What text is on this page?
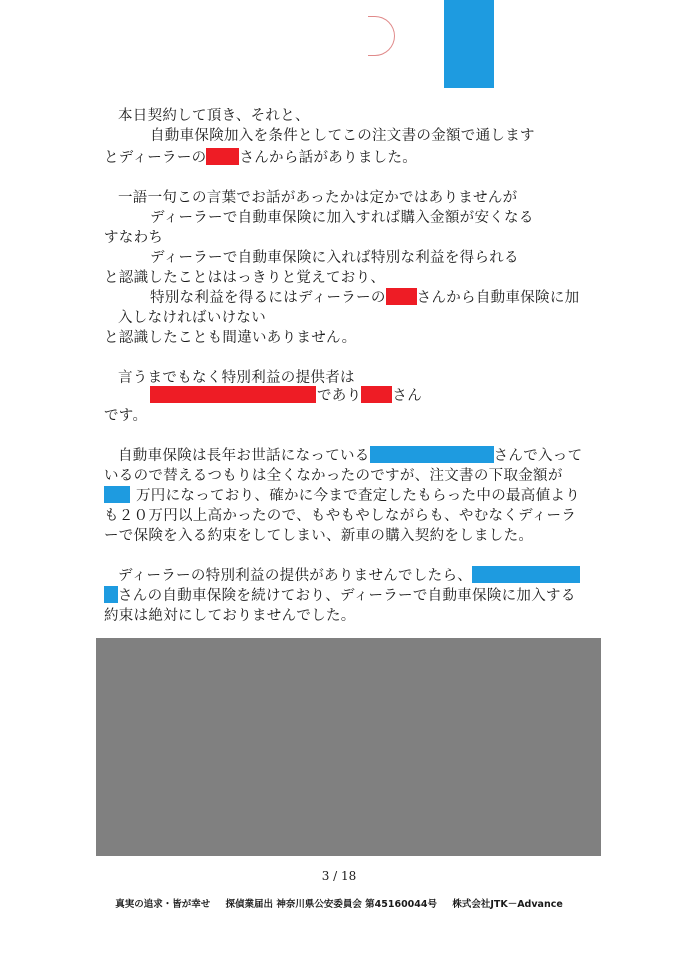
本日契約して頂き、それと、
自動車保険加入を条件としてこの注文書の金額で通します
とディーラーの さんから話がありました。
一語一句この言葉でお話があったかは定かではありませんが
ディーラーで自動車保険に加入すれば購入金額が安くなる
すなわち
ディーラーで自動車保険に入れば特別な利益を得られる
と認識したことははっきりと覚えており、
特別な利益を得るにはディーラーの さんから自動車保険に加
入しなければいけない
と認識したことも間違いありません。
言うまでもなく特別利益の提供者は
であり さん
です。
自動車保険は長年お世話になっている	さんで入って
いるので替えるつもりは全くなかったのですが、注文書の下取金額が
万円になっており、確かに今まで査定したもらった中の最高値より
も２０万円以上高かったので、もやもやしながらも、やむなくディーラ
ーで保険を入る約束をしてしまい、新車の購入契約をしました。
ディーラーの特別利益の提供がありませんでしたら、
さんの自動車保険を続けており、ディーラーで自動車保険に加入する
約束は絶対にしておりませんでした。
3 / 18
真実の追求・皆が幸せ 探偵業届出 神奈川県公安委員会 第45160044号 株式会社JTK－Advance
